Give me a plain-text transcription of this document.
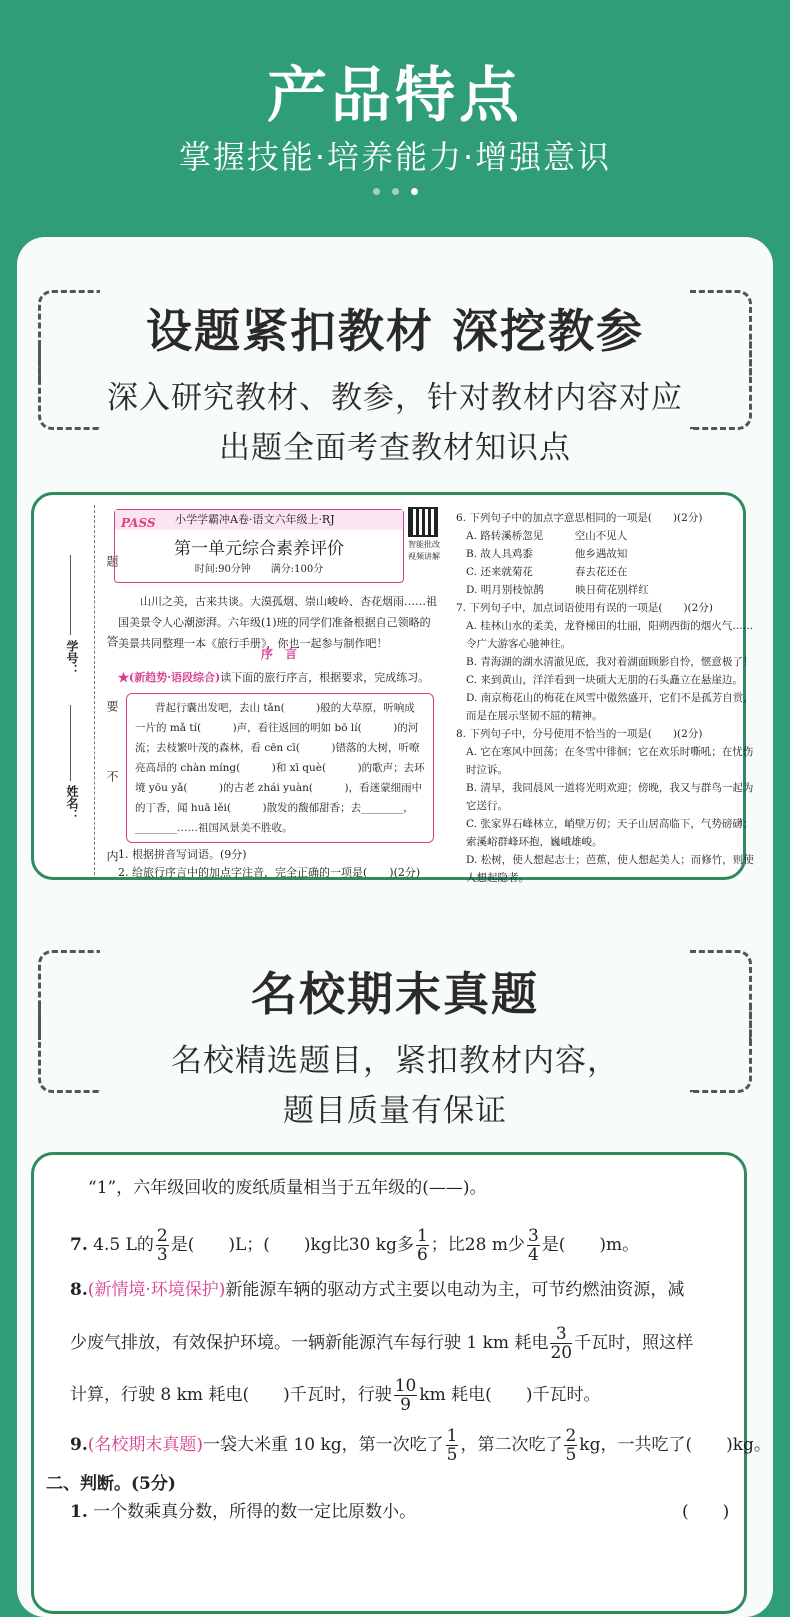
产品特点
掌握技能·培养能力·增强意识
设题紧扣教材 深挖教参
深入研究教材、教参，针对教材内容对应
出题全面考查教材知识点
题
答
要
不
内
学号：
姓名：
PASS 小学学霸冲A卷·语文六年级上·RJ
第一单元综合素养评价
时间:90分钟　　满分:100分
智能批改 视频讲解
山川之美，古来共谈。大漠孤烟、崇山峻岭、杏花烟雨……祖国美景令人心潮澎湃。六年级(1)班的同学们准备根据自己领略的美景共同整理一本《旅行手册》，你也一起参与制作吧！
序　言
★(新趋势·语段综合)读下面的旅行序言，根据要求，完成练习。
背起行囊出发吧，去山 tǎn(　　　)般的大草原，听响成一片的 mǎ tí(　　　)声，看往返回的明如 bō lí(　　　)的河流；去枝繁叶茂的森林，看 cēn cī(　　　)错落的大树，听嘹亮高昂的 chàn míng(　　　)和 xī què(　　　)的歌声；去环境 yōu yǎ(　　　)的古老 zhái yuàn(　　　)，看迷蒙细雨中的丁香，闻 huā lěi(　　　)散发的馥郁甜香；去________，________……祖国风景美不胜收。
1. 根据拼音写词语。(9分)
2. 给旅行序言中的加点字注音，完全正确的一项是(　　)(2分)
6. 下列句子中的加点字意思相同的一项是(　　)(2分)
A. 路转溪桥忽见　　　空山不见人
B. 故人具鸡黍　　　　他乡遇故知
C. 还来就菊花　　　　春去花还在
D. 明月别枝惊鹊　　　映日荷花别样红
7. 下列句子中，加点词语使用有误的一项是(　　)(2分)
A. 桂林山水的柔美，龙脊梯田的壮丽，阳朔西街的烟火气……令广大游客心驰神往。
B. 青海湖的湖水清澈见底，我对着湖面顾影自怜，惬意极了！
C. 来到黄山，洋洋看到一块硕大无朋的石头矗立在悬崖边。
D. 南京梅花山的梅花在风雪中傲然盛开，它们不是孤芳自赏，而是在展示坚韧不屈的精神。
8. 下列句子中，分号使用不恰当的一项是(　　)(2分)
A. 它在寒风中回荡；在冬雪中徘徊；它在欢乐时嘶吼；在忧伤时泣诉。
B. 清早，我同晨风一道将光明欢迎；傍晚，我又与群鸟一起为它送行。
C. 张家界石峰林立，峭壁万仞；天子山居高临下，气势磅礴；索溪峪群峰环抱，巍峨雄峻。
D. 松树，使人想起志士；芭蕉，使人想起美人；而修竹，则使人想起隐者。
名校期末真题
名校精选题目，紧扣教材内容，
题目质量有保证
“1”，六年级回收的废纸质量相当于五年级的(——)。
7. 4.5 L的 $\frac{2}{3}$ 是(　　)L；(　　)kg比30 kg多 $\frac{1}{6}$ ；比28 m少 $\frac{3}{4}$ 是(　　)m。
8.(新情境·环境保护)新能源车辆的驱动方式主要以电动为主，可节约燃油资源，减
少废气排放，有效保护环境。一辆新能源汽车每行驶 1 km 耗电 $\frac{3}{20}$ 千瓦时，照这样
计算，行驶 8 km 耗电(　　)千瓦时，行驶 $\frac{10}{9}$ km 耗电(　　)千瓦时。
9.(名校期末真题)一袋大米重 10 kg，第一次吃了 $\frac{1}{5}$ ，第二次吃了 $\frac{2}{5}$ kg，一共吃了(　　)kg。
二、判断。(5分)
1. 一个数乘真分数，所得的数一定比原数小。	(　　)
